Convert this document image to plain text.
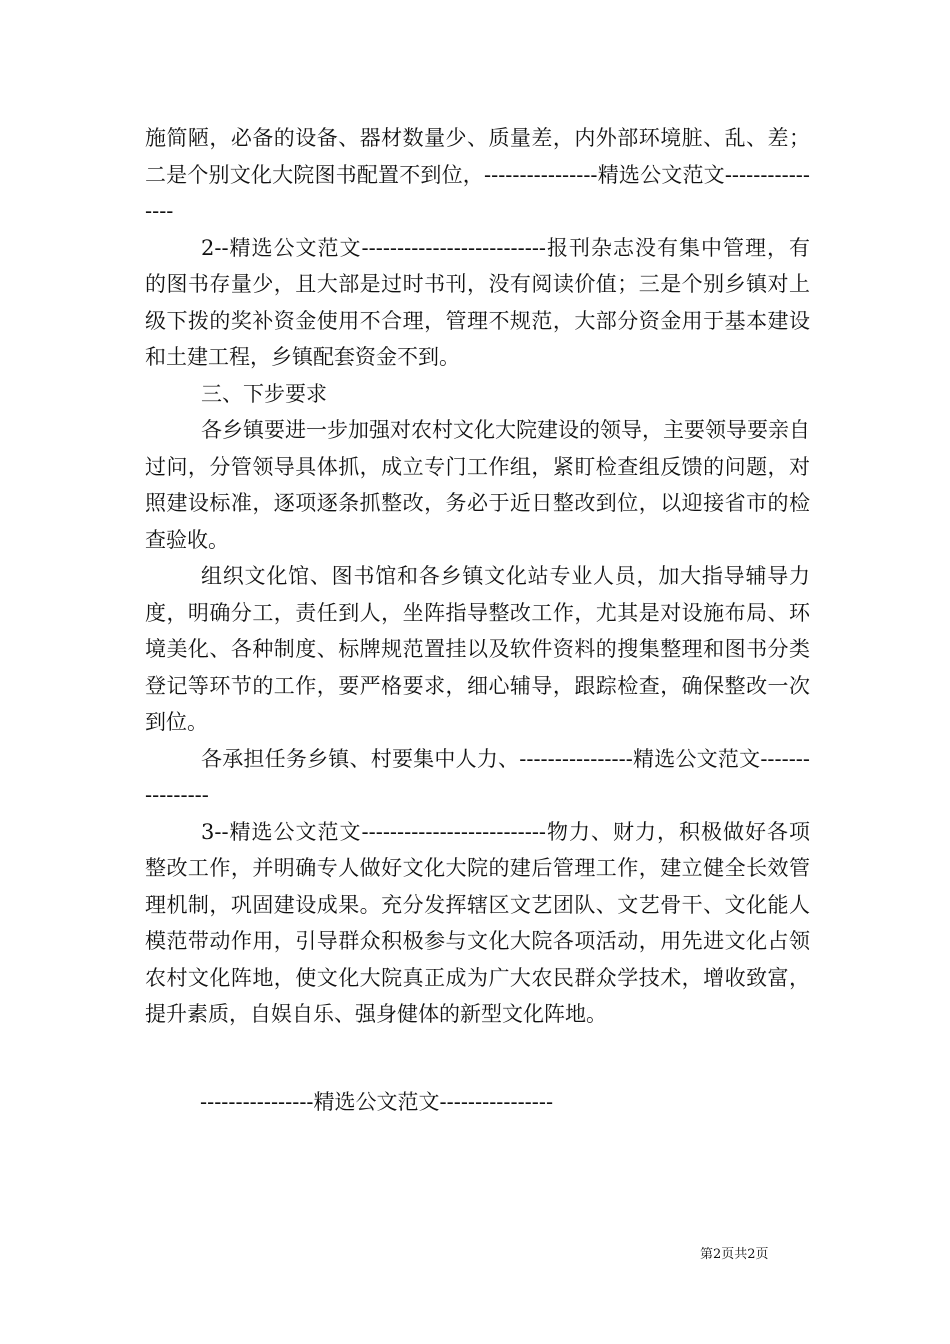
施简陋，必备的设备、器材数量少、质量差，内外部环境脏、乱、差；二是个别文化大院图书配置不到位，----------------精选公文范文----------------

2--精选公文范文--------------------------报刊杂志没有集中管理，有的图书存量少，且大部是过时书刊，没有阅读价值；三是个别乡镇对上级下拨的奖补资金使用不合理，管理不规范，大部分资金用于基本建设和土建工程，乡镇配套资金不到。

三、下步要求

各乡镇要进一步加强对农村文化大院建设的领导，主要领导要亲自过问，分管领导具体抓，成立专门工作组，紧盯检查组反馈的问题，对照建设标准，逐项逐条抓整改，务必于近日整改到位，以迎接省市的检查验收。

组织文化馆、图书馆和各乡镇文化站专业人员，加大指导辅导力度，明确分工，责任到人，坐阵指导整改工作，尤其是对设施布局、环境美化、各种制度、标牌规范置挂以及软件资料的搜集整理和图书分类登记等环节的工作，要严格要求，细心辅导，跟踪检查，确保整改一次到位。

各承担任务乡镇、村要集中人力、----------------精选公文范文----------------

3--精选公文范文--------------------------物力、财力，积极做好各项整改工作，并明确专人做好文化大院的建后管理工作，建立健全长效管理机制，巩固建设成果。充分发挥辖区文艺团队、文艺骨干、文化能人模范带动作用，引导群众积极参与文化大院各项活动，用先进文化占领农村文化阵地，使文化大院真正成为广大农民群众学技术，增收致富，提升素质，自娱自乐、强身健体的新型文化阵地。

----------------精选公文范文----------------
第2页共2页
